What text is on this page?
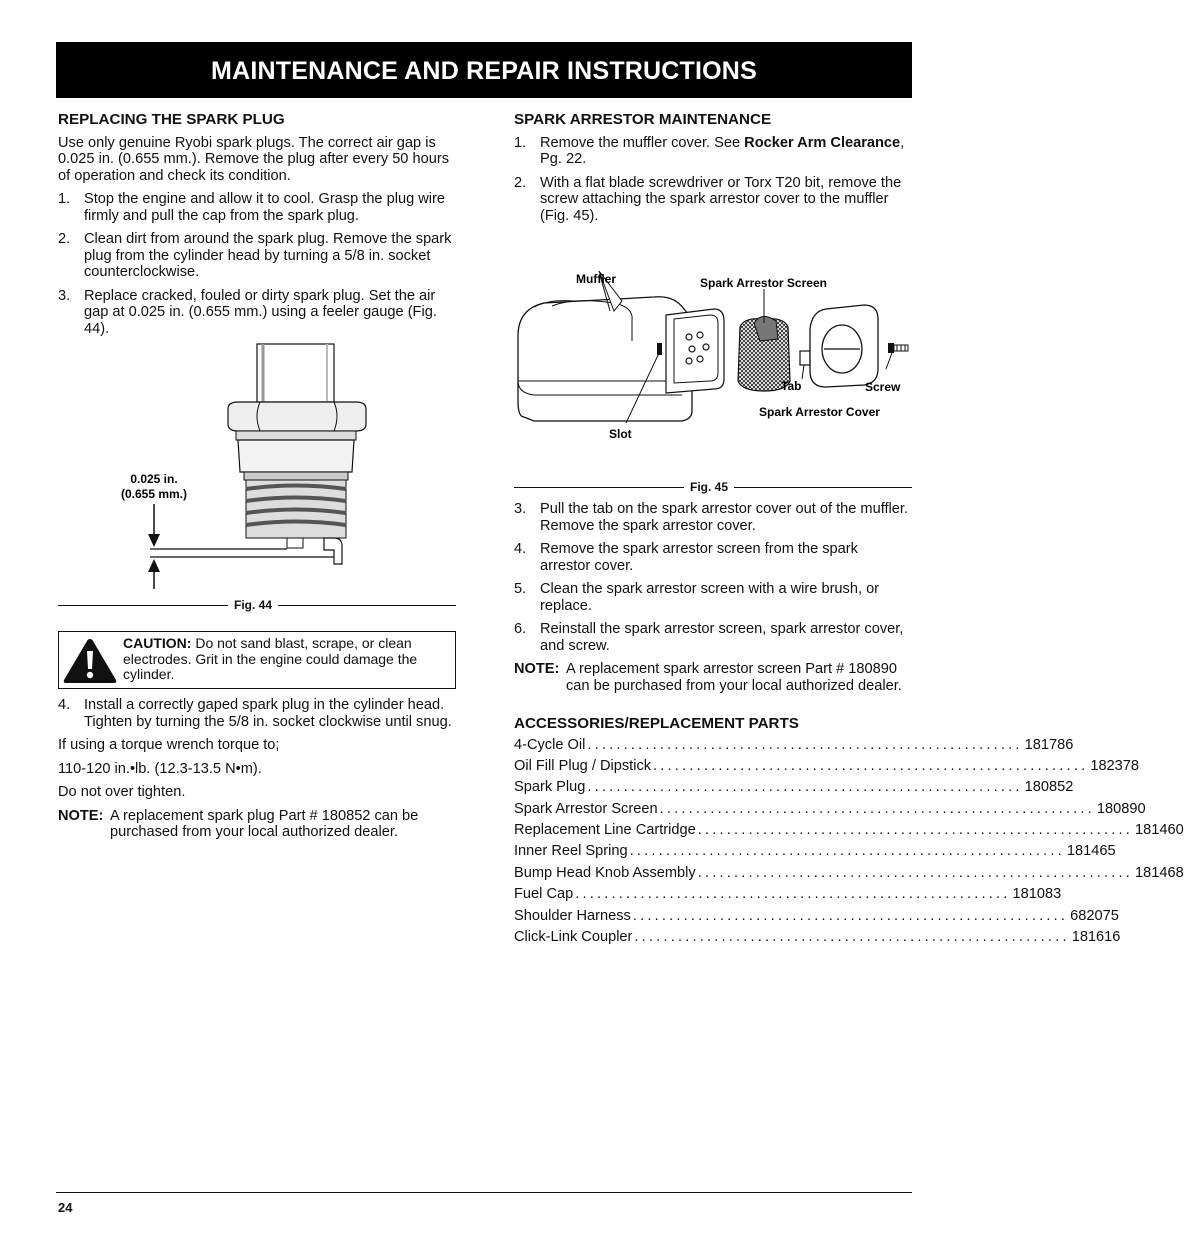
MAINTENANCE AND REPAIR INSTRUCTIONS
REPLACING THE SPARK PLUG

Use only genuine Ryobi spark plugs. The correct air gap is 0.025 in. (0.655 mm.). Remove the plug after every 50 hours of operation and check its condition.

1. Stop the engine and allow it to cool. Grasp the plug wire firmly and pull the cap from the spark plug.
2. Clean dirt from around the spark plug. Remove the spark plug from the cylinder head by turning a 5/8 in. socket counterclockwise.
3. Replace cracked, fouled or dirty spark plug. Set the air gap at 0.025 in. (0.655 mm.) using a feeler gauge (Fig. 44).
0.025 in.
(0.655 mm.)
Fig. 44
CAUTION: Do not sand blast, scrape, or clean electrodes. Grit in the engine could damage the cylinder.
4. Install a correctly gaped spark plug in the cylinder head. Tighten by turning the 5/8 in. socket clockwise until snug.

If using a torque wrench torque to;

110-120 in.•lb. (12.3-13.5 N•m).

Do not over tighten.

NOTE: A replacement spark plug Part # 180852 can be purchased from your local authorized dealer.
SPARK ARRESTOR MAINTENANCE
1. Remove the muffler cover. See Rocker Arm Clearance, Pg. 22.
2. With a flat blade screwdriver or Torx T20 bit, remove the screw attaching the spark arrestor cover to the muffler (Fig. 45).
Muffler	Spark Arrestor Screen
Tab	Screw
Spark Arrestor Cover
Slot
Fig. 45
3. Pull the tab on the spark arrestor cover out of the muffler. Remove the spark arrestor cover.
4. Remove the spark arrestor screen from the spark arrestor cover.
5. Clean the spark arrestor screen with a wire brush, or replace.
6. Reinstall the spark arrestor screen, spark arrestor cover, and screw.
NOTE: A replacement spark arrestor screen Part # 180890 can be purchased from your local authorized dealer.
ACCESSORIES/REPLACEMENT PARTS
4-Cycle Oil ............................................................ 181786
Oil Fill Plug / Dipstick ............................................................ 182378
Spark Plug ............................................................ 180852
Spark Arrestor Screen ............................................................ 180890
Replacement Line Cartridge ............................................................ 181460
Inner Reel Spring ............................................................ 181465
Bump Head Knob Assembly ............................................................ 181468
Fuel Cap ............................................................ 181083
Shoulder Harness ............................................................ 682075
Click-Link Coupler ............................................................ 181616
24
